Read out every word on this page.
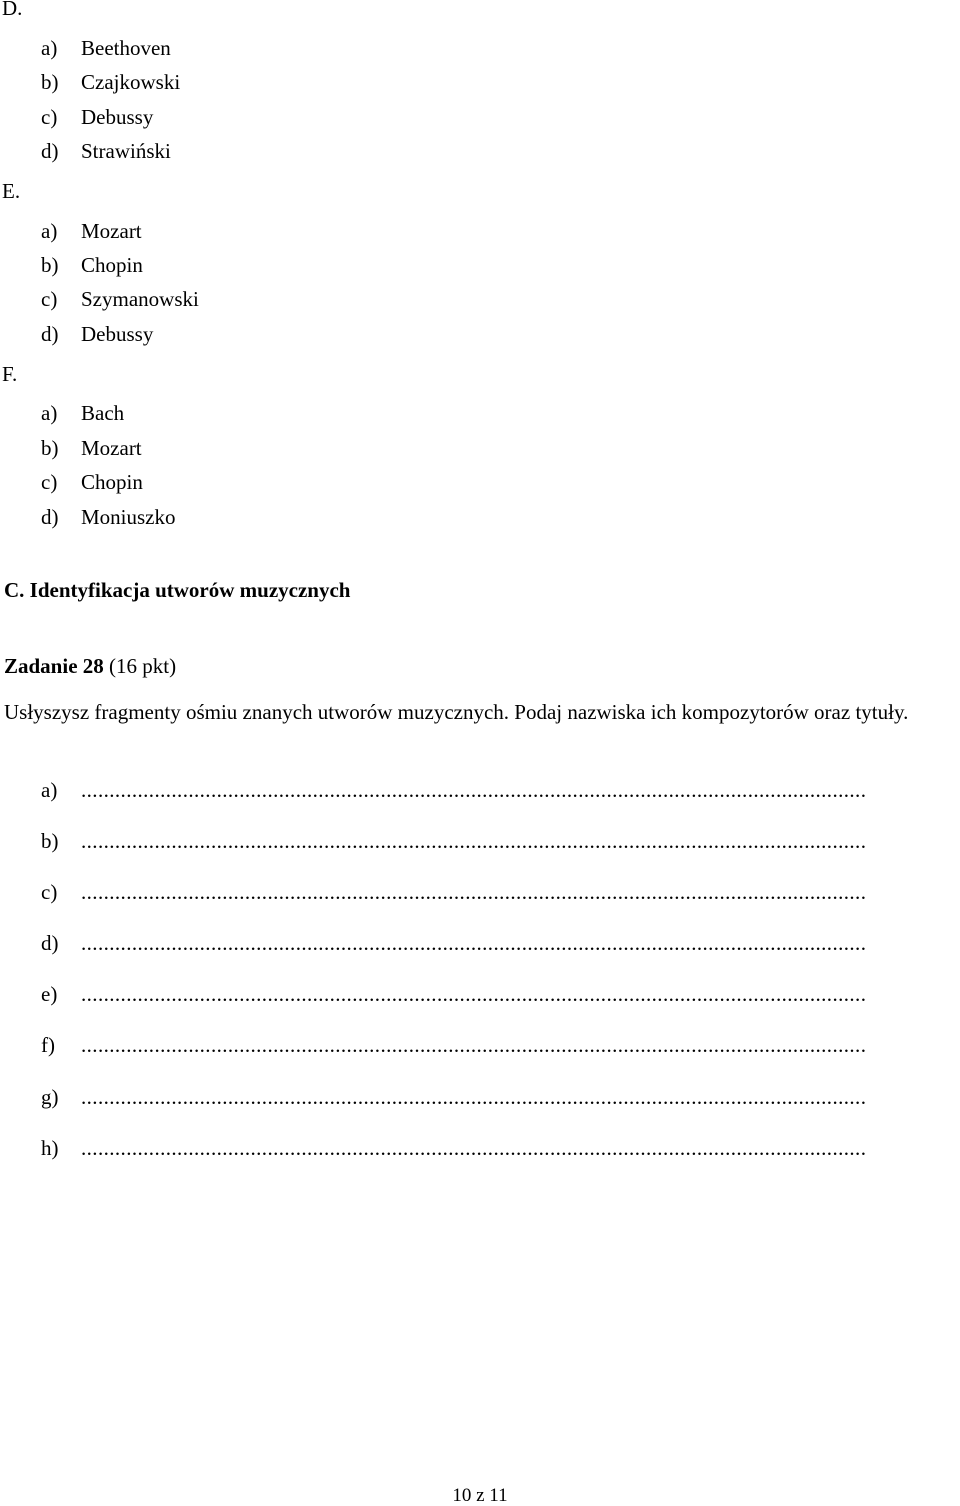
D.
a) Beethoven
b) Czajkowski
c) Debussy
d) Strawiński
E.
a) Mozart
b) Chopin
c) Szymanowski
d) Debussy
F.
a) Bach
b) Mozart
c) Chopin
d) Moniuszko
C. Identyfikacja utworów muzycznych
Zadanie 28 (16 pkt)
Usłyszysz fragmenty ośmiu znanych utworów muzycznych. Podaj nazwiska ich kompozytorów oraz tytuły.
a) ...........................................................................................................................................
b) ...........................................................................................................................................
c) ...........................................................................................................................................
d) ...........................................................................................................................................
e) ...........................................................................................................................................
f) ...........................................................................................................................................
g) ...........................................................................................................................................
h) ...........................................................................................................................................
10 z 11
